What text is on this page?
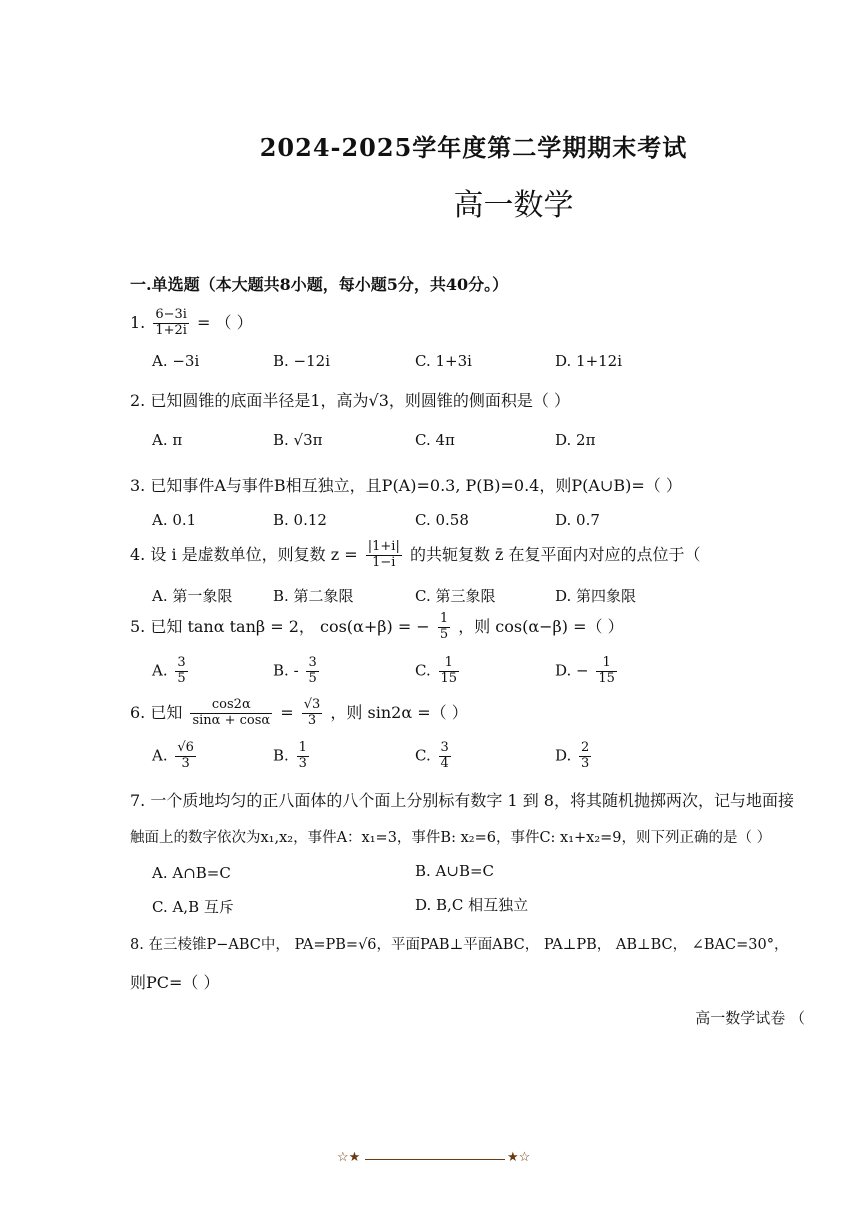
2024-2025学年度第二学期期末考试
高一数学
一.单选题（本大题共8小题，每小题5分，共40分。）
1. $\frac{6-3i}{1+2i}$ = （ ）
A. −3i	B. −12i	C. 1+3i	D. 1+12i
2. 已知圆锥的底面半径是1，高为√3，则圆锥的侧面积是（ ）
A. π	B. √3π	C. 4π	D. 2π
3. 已知事件A与事件B相互独立，且P(A)=0.3, P(B)=0.4，则P(A∪B)=（ ）
A. 0.1	B. 0.12	C. 0.58	D. 0.7
4. 设 i 是虚数单位，则复数 $z = \frac{|1+i|}{1-i}$ 的共轭复数 z̄ 在复平面内对应的点位于（
A. 第一象限	B. 第二象限	C. 第三象限	D. 第四象限
5. 已知 tanα tanβ = 2， cos(α+β) = − $\frac{1}{5}$ ，则 cos(α−β) =（ ）
A. $\frac{3}{5}$	B. - $\frac{3}{5}$	C. $\frac{1}{15}$	D. − $\frac{1}{15}$
6. 已知 $\frac{\cos 2\alpha}{\sin\alpha + \cos\alpha} = \frac{√3}{3}$ ，则 sin2α =（ ）
A. $\frac{√6}{3}$	B. $\frac{1}{3}$	C. $\frac{3}{4}$	D. $\frac{2}{3}$
7. 一个质地均匀的正八面体的八个面上分别标有数字 1 到 8，将其随机抛掷两次，记与地面接
触面上的数字依次为x₁,x₂，事件A：x₁=3，事件B: x₂=6，事件C: x₁+x₂=9，则下列正确的是（ ）
A. A∩B=C	B. A∪B=C
C. A,B 互斥	D. B,C 相互独立
8. 在三棱锥P−ABC中， PA=PB=√6，平面PAB⊥平面ABC， PA⊥PB， AB⊥BC， ∠BAC=30°，
则PC=（ ）
高一数学试卷 （
☆★	★☆
